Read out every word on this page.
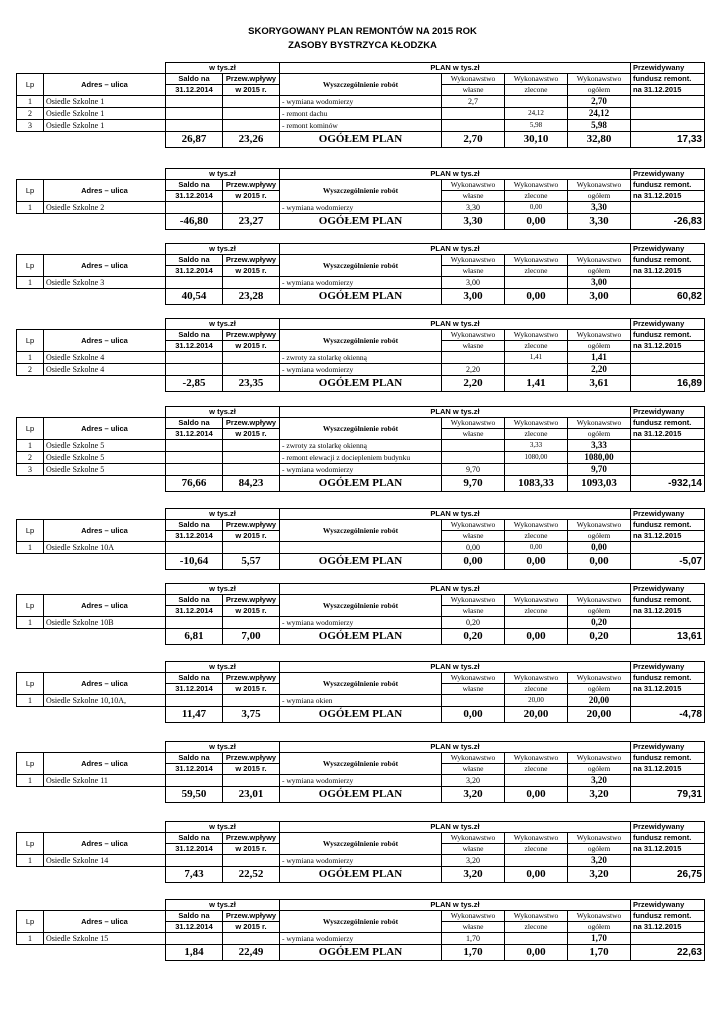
SKORYGOWANY PLAN REMONTÓW NA 2015 ROK
ZASOBY BYSTRZYCA KŁODZKA
		w tys.zł		PLAN w tys.zł				Przewidywany
Lp	Adres – ulica	Saldo na	Przew.wpływy	Wyszczególnienie robót	Wykonawstwo	Wykonawstwo	Wykonawstwo	fundusz remont.
		31.12.2014	w 2015 r.		własne	zlecone	ogółem	na 31.12.2015
1	Osiedle Szkolne 1			- wymiana wodomierzy	2,7		2,70	
2	Osiedle Szkolne 1			- remont dachu		24,12	24,12	
3	Osiedle Szkolne 1			- remont kominów		5,98	5,98	
		26,87	23,26	OGÓŁEM PLAN	2,70	30,10	32,80	17,33
		w tys.zł		PLAN w tys.zł				Przewidywany
Lp	Adres – ulica	Saldo na	Przew.wpływy	Wyszczególnienie robót	Wykonawstwo	Wykonawstwo	Wykonawstwo	fundusz remont.
		31.12.2014	w 2015 r.		własne	zlecone	ogółem	na 31.12.2015
1	Osiedle Szkolne 2			- wymiana wodomierzy	3,30	0,00	3,30	
		-46,80	23,27	OGÓŁEM PLAN	3,30	0,00	3,30	-26,83
		w tys.zł		PLAN w tys.zł				Przewidywany
Lp	Adres – ulica	Saldo na	Przew.wpływy	Wyszczególnienie robót	Wykonawstwo	Wykonawstwo	Wykonawstwo	fundusz remont.
		31.12.2014	w 2015 r.		własne	zlecone	ogółem	na 31.12.2015
1	Osiedle Szkolne 3			- wymiana wodomierzy	3,00		3,00	
		40,54	23,28	OGÓŁEM PLAN	3,00	0,00	3,00	60,82
		w tys.zł		PLAN w tys.zł				Przewidywany
Lp	Adres – ulica	Saldo na	Przew.wpływy	Wyszczególnienie robót	Wykonawstwo	Wykonawstwo	Wykonawstwo	fundusz remont.
		31.12.2014	w 2015 r.		własne	zlecone	ogółem	na 31.12.2015
1	Osiedle Szkolne 4			- zwroty za stolarkę okienną		1,41	1,41	
2	Osiedle Szkolne 4			- wymiana wodomierzy	2,20		2,20	
		-2,85	23,35	OGÓŁEM PLAN	2,20	1,41	3,61	16,89
		w tys.zł		PLAN w tys.zł				Przewidywany
Lp	Adres – ulica	Saldo na	Przew.wpływy	Wyszczególnienie robót	Wykonawstwo	Wykonawstwo	Wykonawstwo	fundusz remont.
		31.12.2014	w 2015 r.		własne	zlecone	ogółem	na 31.12.2015
1	Osiedle Szkolne 5			- zwroty za stolarkę okienną		3,33	3,33	
2	Osiedle Szkolne 5			- remont elewacji z dociepleniem budynku		1080,00	1080,00	
3	Osiedle Szkolne 5			- wymiana wodomierzy	9,70		9,70	
		76,66	84,23	OGÓŁEM PLAN	9,70	1083,33	1093,03	-932,14
		w tys.zł		PLAN w tys.zł				Przewidywany
Lp	Adres – ulica	Saldo na	Przew.wpływy	Wyszczególnienie robót	Wykonawstwo	Wykonawstwo	Wykonawstwo	fundusz remont.
		31.12.2014	w 2015 r.		własne	zlecone	ogółem	na 31.12.2015
1	Osiedle Szkolne 10A				0,00	0,00	0,00	
		-10,64	5,57	OGÓŁEM PLAN	0,00	0,00	0,00	-5,07
		w tys.zł		PLAN w tys.zł				Przewidywany
Lp	Adres – ulica	Saldo na	Przew.wpływy	Wyszczególnienie robót	Wykonawstwo	Wykonawstwo	Wykonawstwo	fundusz remont.
		31.12.2014	w 2015 r.		własne	zlecone	ogółem	na 31.12.2015
1	Osiedle Szkolne 10B			- wymiana wodomierzy	0,20		0,20	
		6,81	7,00	OGÓŁEM PLAN	0,20	0,00	0,20	13,61
		w tys.zł		PLAN w tys.zł				Przewidywany
Lp	Adres – ulica	Saldo na	Przew.wpływy	Wyszczególnienie robót	Wykonawstwo	Wykonawstwo	Wykonawstwo	fundusz remont.
		31.12.2014	w 2015 r.		własne	zlecone	ogółem	na 31.12.2015
1	Osiedle Szkolne 10,10A,			- wymiana okien		20,00	20,00	
		11,47	3,75	OGÓŁEM PLAN	0,00	20,00	20,00	-4,78
		w tys.zł		PLAN w tys.zł				Przewidywany
Lp	Adres – ulica	Saldo na	Przew.wpływy	Wyszczególnienie robót	Wykonawstwo	Wykonawstwo	Wykonawstwo	fundusz remont.
		31.12.2014	w 2015 r.		własne	zlecone	ogółem	na 31.12.2015
1	Osiedle Szkolne 11			- wymiana wodomierzy	3,20		3,20	
		59,50	23,01	OGÓŁEM PLAN	3,20	0,00	3,20	79,31
		w tys.zł		PLAN w tys.zł				Przewidywany
Lp	Adres – ulica	Saldo na	Przew.wpływy	Wyszczególnienie robót	Wykonawstwo	Wykonawstwo	Wykonawstwo	fundusz remont.
		31.12.2014	w 2015 r.		własne	zlecone	ogółem	na 31.12.2015
1	Osiedle Szkolne 14			- wymiana wodomierzy	3,20		3,20	
		7,43	22,52	OGÓŁEM PLAN	3,20	0,00	3,20	26,75
		w tys.zł		PLAN w tys.zł				Przewidywany
Lp	Adres – ulica	Saldo na	Przew.wpływy	Wyszczególnienie robót	Wykonawstwo	Wykonawstwo	Wykonawstwo	fundusz remont.
		31.12.2014	w 2015 r.		własne	zlecone	ogółem	na 31.12.2015
1	Osiedle Szkolne 15			- wymiana wodomierzy	1,70		1,70	
		1,84	22,49	OGÓŁEM PLAN	1,70	0,00	1,70	22,63
